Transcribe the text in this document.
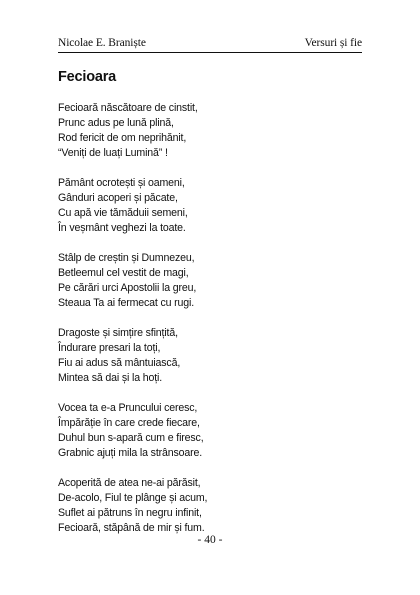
Nicolae E. Braniște	Versuri și fie
Fecioara
Fecioară născătoare de cinstit,
Prunc adus pe lună plină,
Rod fericit de om neprihănit,
“Veniți de luați Lumină” !
Pământ ocrotești și oameni,
Gânduri acoperi și păcate,
Cu apă vie tămăduii semeni,
În veșmânt veghezi la toate.
Stâlp de creștin și Dumnezeu,
Betleemul cel vestit de magi,
Pe cărări urci Apostolii la greu,
Steaua Ta ai fermecat cu rugi.
Dragoste și simțire sfințită,
Îndurare presari la toți,
Fiu ai adus să mântuiască,
Mintea să dai și la hoți.
Vocea ta e-a Pruncului ceresc,
Împărăție în care crede fiecare,
Duhul bun s-apară cum e firesc,
Grabnic ajuți mila la strânsoare.
Acoperită de atea ne-ai părăsit,
De-acolo, Fiul te plânge și acum,
Suflet ai pătruns în negru infinit,
Fecioară, stăpână de mir și fum.
- 40 -
